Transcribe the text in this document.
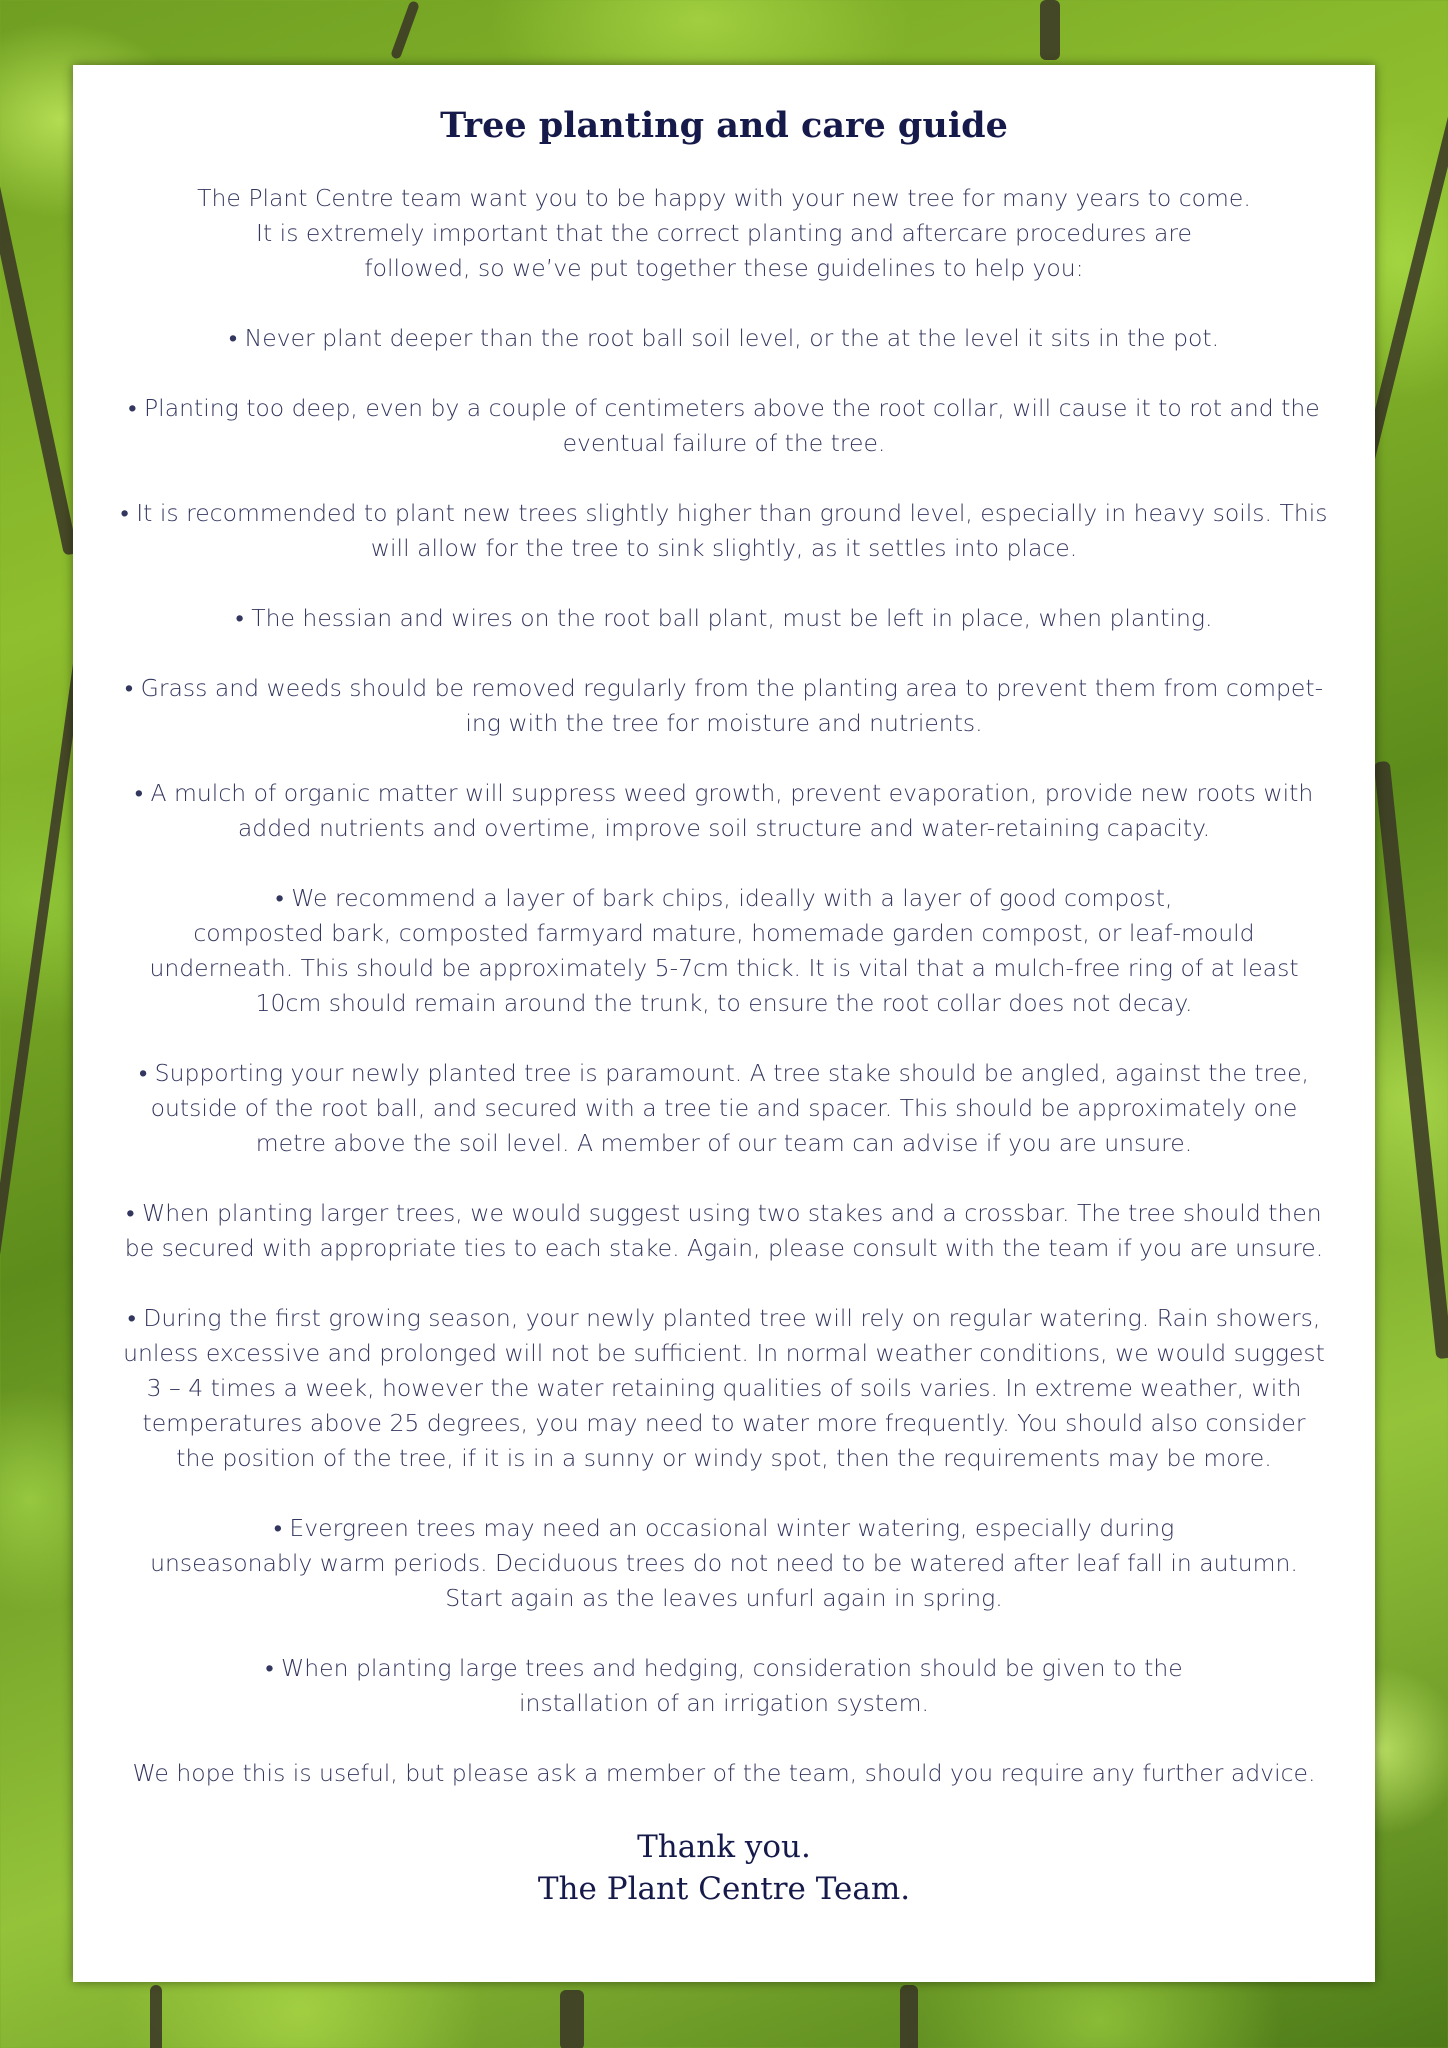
Tree planting and care guide

The Plant Centre team want you to be happy with your new tree for many years to come.
It is extremely important that the correct planting and aftercare procedures are
followed, so we’ve put together these guidelines to help you:

• Never plant deeper than the root ball soil level, or the at the level it sits in the pot.

• Planting too deep, even by a couple of centimeters above the root collar, will cause it to rot and the
eventual failure of the tree.

• It is recommended to plant new trees slightly higher than ground level, especially in heavy soils. This
will allow for the tree to sink slightly, as it settles into place.

• The hessian and wires on the root ball plant, must be left in place, when planting.

• Grass and weeds should be removed regularly from the planting area to prevent them from compet-
ing with the tree for moisture and nutrients.

• A mulch of organic matter will suppress weed growth, prevent evaporation, provide new roots with
added nutrients and overtime, improve soil structure and water-retaining capacity.

• We recommend a layer of bark chips, ideally with a layer of good compost,
composted bark, composted farmyard mature, homemade garden compost, or leaf-mould
underneath. This should be approximately 5-7cm thick. It is vital that a mulch-free ring of at least
10cm should remain around the trunk, to ensure the root collar does not decay.

• Supporting your newly planted tree is paramount. A tree stake should be angled, against the tree,
outside of the root ball, and secured with a tree tie and spacer. This should be approximately one
metre above the soil level. A member of our team can advise if you are unsure.

• When planting larger trees, we would suggest using two stakes and a crossbar. The tree should then
be secured with appropriate ties to each stake. Again, please consult with the team if you are unsure.

• During the first growing season, your newly planted tree will rely on regular watering. Rain showers,
unless excessive and prolonged will not be sufficient. In normal weather conditions, we would suggest
3 – 4 times a week, however the water retaining qualities of soils varies. In extreme weather, with
temperatures above 25 degrees, you may need to water more frequently. You should also consider
the position of the tree, if it is in a sunny or windy spot, then the requirements may be more.

• Evergreen trees may need an occasional winter watering, especially during
unseasonably warm periods. Deciduous trees do not need to be watered after leaf fall in autumn.
Start again as the leaves unfurl again in spring.

• When planting large trees and hedging, consideration should be given to the
installation of an irrigation system.

We hope this is useful, but please ask a member of the team, should you require any further advice.

Thank you.
The Plant Centre Team.
